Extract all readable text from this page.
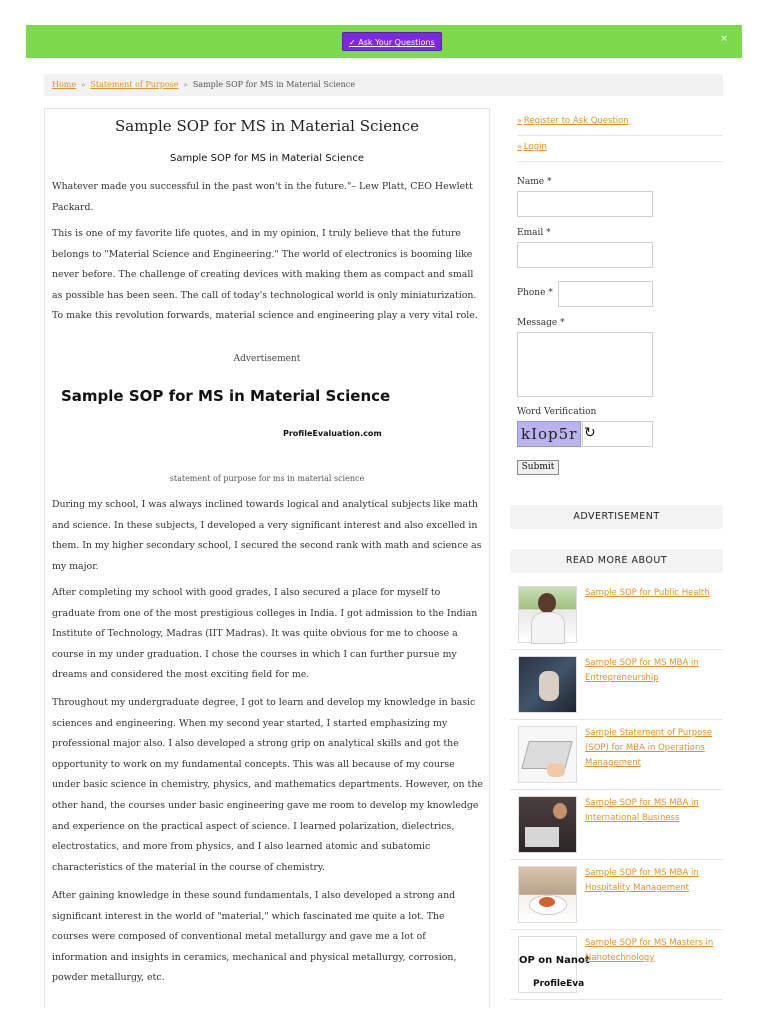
✓ Ask Your Questions	×
Home » Statement of Purpose » Sample SOP for MS in Material Science
Sample SOP for MS in Material Science
Sample SOP for MS in Material Science

Whatever made you successful in the past won't in the future."– Lew Platt, CEO Hewlett Packard.

This is one of my favorite life quotes, and in my opinion, I truly believe that the future belongs to "Material Science and Engineering." The world of electronics is booming like never before. The challenge of creating devices with making them as compact and small as possible has been seen. The call of today's technological world is only miniaturization. To make this revolution forwards, material science and engineering play a very vital role.

Advertisement
Sample SOP for MS in Material Science
ProfileEvaluation.com
statement of purpose for ms in material science

During my school, I was always inclined towards logical and analytical subjects like math and science. In these subjects, I developed a very significant interest and also excelled in them. In my higher secondary school, I secured the second rank with math and science as my major.

After completing my school with good grades, I also secured a place for myself to graduate from one of the most prestigious colleges in India. I got admission to the Indian Institute of Technology, Madras (IIT Madras). It was quite obvious for me to choose a course in my under graduation. I chose the courses in which I can further pursue my dreams and considered the most exciting field for me.

Throughout my undergraduate degree, I got to learn and develop my knowledge in basic sciences and engineering. When my second year started, I started emphasizing my professional major also. I also developed a strong grip on analytical skills and got the opportunity to work on my fundamental concepts. This was all because of my course under basic science in chemistry, physics, and mathematics departments. However, on the other hand, the courses under basic engineering gave me room to develop my knowledge and experience on the practical aspect of science. I learned polarization, dielectrics, electrostatics, and more from physics, and I also learned atomic and subatomic characteristics of the material in the course of chemistry.

After gaining knowledge in these sound fundamentals, I also developed a strong and significant interest in the world of "material," which fascinated me quite a lot. The courses were composed of conventional metal metallurgy and gave me a lot of information and insights in ceramics, mechanical and physical metallurgy, corrosion, powder metallurgy, etc.

» Register to Ask Question
» Login
Name *
Email *
Phone *
Message *
Word Verification
kIop5r ↻
Submit
ADVERTISEMENT
READ MORE ABOUT
Sample SOP for Public Health
Sample SOP for MS MBA in Entrepreneurship
Sample Statement of Purpose (SOP) for MBA in Operations Management
Sample SOP for MS MBA in International Business
Sample SOP for MS MBA in Hospitality Management
OP on Nanot
ProfileEva
Sample SOP for MS Masters in Nanotechnology
